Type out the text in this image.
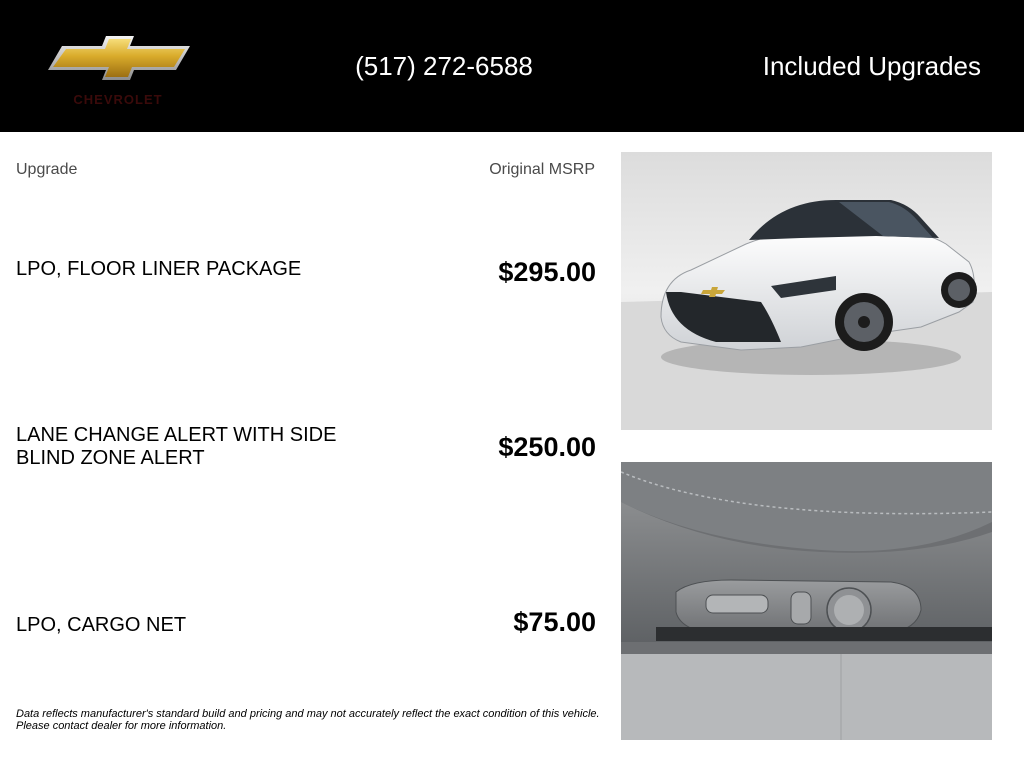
CHEVROLET
(517) 272-6588	Included Upgrades
Upgrade	Original MSRP
LPO, FLOOR LINER PACKAGE	$295.00
LANE CHANGE ALERT WITH SIDE BLIND ZONE ALERT	$250.00
LPO, CARGO NET	$75.00
Data reflects manufacturer's standard build and pricing and may not accurately reflect the exact condition of this vehicle.
Please contact dealer for more information.
